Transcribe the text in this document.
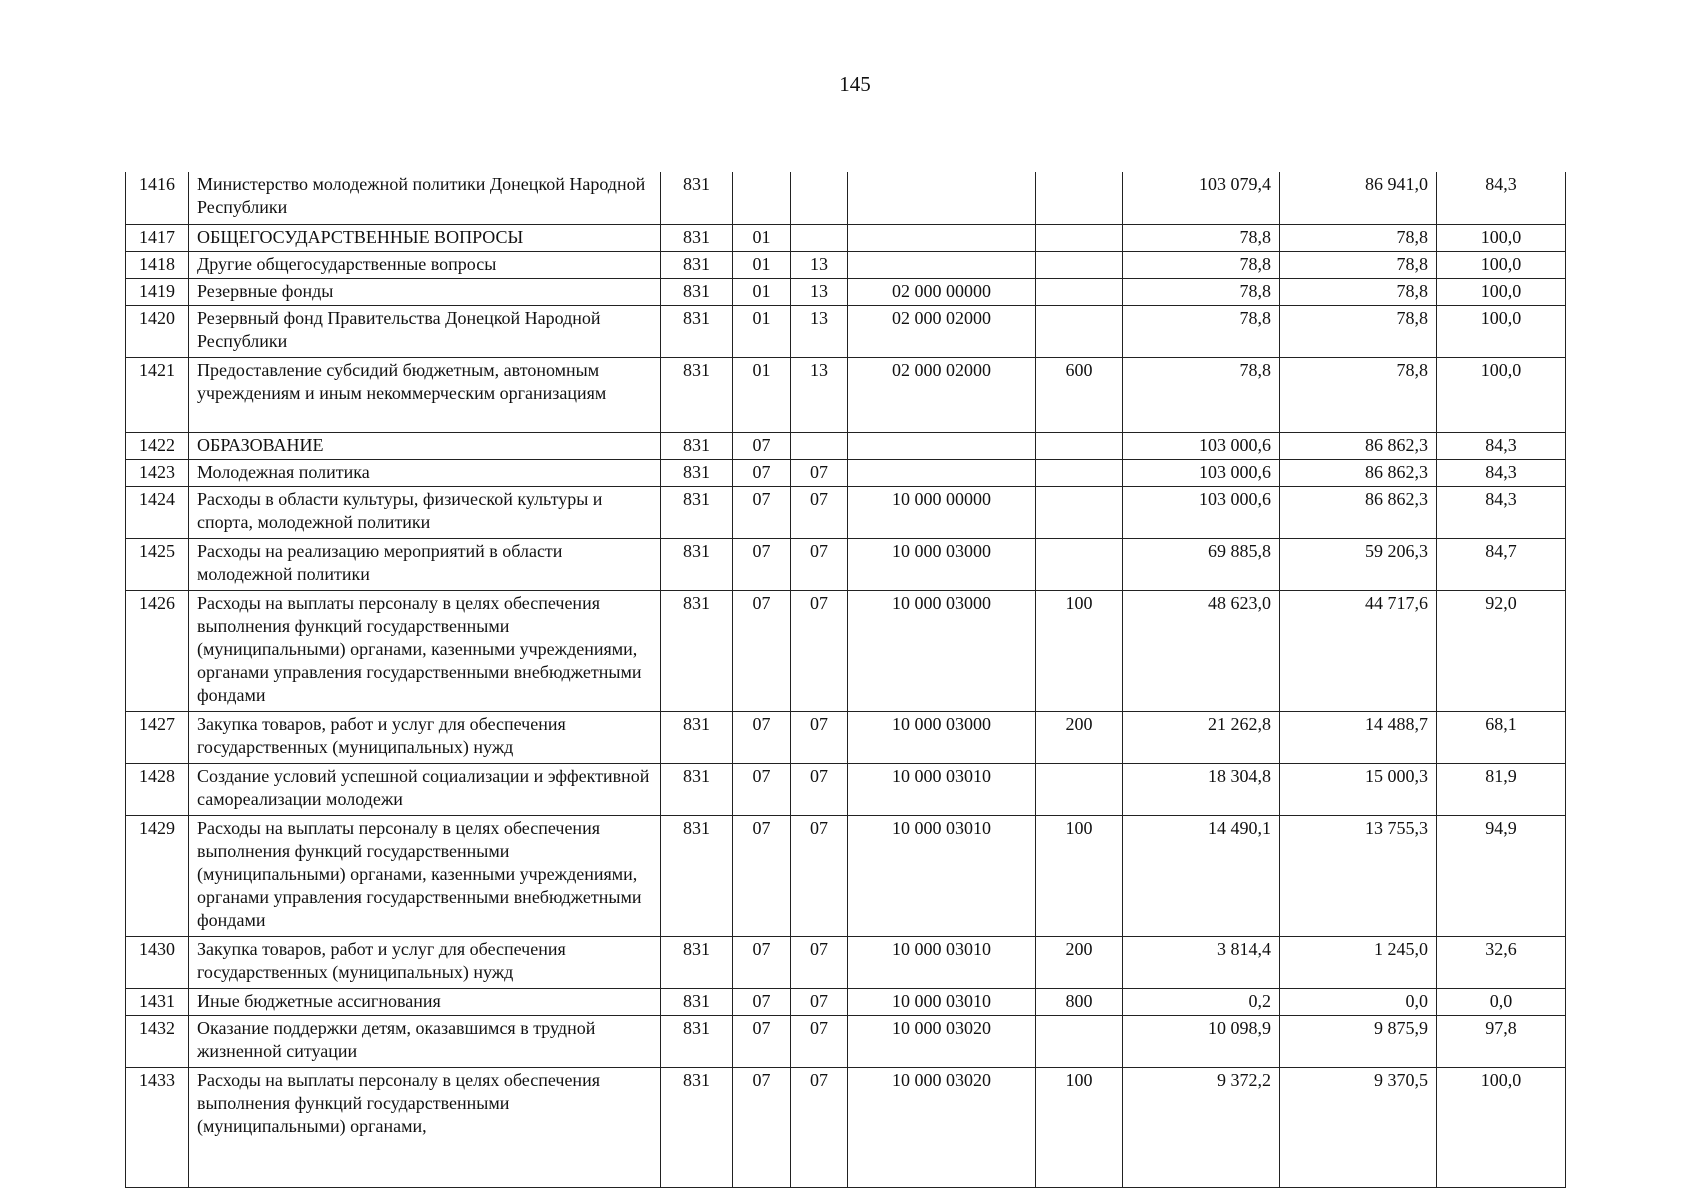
145
1416	Министерство молодежной политики Донецкой Народной Республики	831					103 079,4	86 941,0	84,3
1417	ОБЩЕГОСУДАРСТВЕННЫЕ ВОПРОСЫ	831	01				78,8	78,8	100,0
1418	Другие общегосударственные вопросы	831	01	13			78,8	78,8	100,0
1419	Резервные фонды	831	01	13	02 000 00000		78,8	78,8	100,0
1420	Резервный фонд Правительства Донецкой Народной Республики	831	01	13	02 000 02000		78,8	78,8	100,0
1421	Предоставление субсидий бюджетным, автономным учреждениям и иным некоммерческим организациям	831	01	13	02 000 02000	600	78,8	78,8	100,0
1422	ОБРАЗОВАНИЕ	831	07				103 000,6	86 862,3	84,3
1423	Молодежная политика	831	07	07			103 000,6	86 862,3	84,3
1424	Расходы в области культуры, физической культуры и спорта, молодежной политики	831	07	07	10 000 00000		103 000,6	86 862,3	84,3
1425	Расходы на реализацию мероприятий в области молодежной политики	831	07	07	10 000 03000		69 885,8	59 206,3	84,7
1426	Расходы на выплаты персоналу в целях обеспечения выполнения функций государственными (муниципальными) органами, казенными учреждениями, органами управления государственными внебюджетными фондами	831	07	07	10 000 03000	100	48 623,0	44 717,6	92,0
1427	Закупка товаров, работ и услуг для обеспечения государственных (муниципальных) нужд	831	07	07	10 000 03000	200	21 262,8	14 488,7	68,1
1428	Создание условий успешной социализации и эффективной самореализации молодежи	831	07	07	10 000 03010		18 304,8	15 000,3	81,9
1429	Расходы на выплаты персоналу в целях обеспечения выполнения функций государственными (муниципальными) органами, казенными учреждениями, органами управления государственными внебюджетными фондами	831	07	07	10 000 03010	100	14 490,1	13 755,3	94,9
1430	Закупка товаров, работ и услуг для обеспечения государственных (муниципальных) нужд	831	07	07	10 000 03010	200	3 814,4	1 245,0	32,6
1431	Иные бюджетные ассигнования	831	07	07	10 000 03010	800	0,2	0,0	0,0
1432	Оказание поддержки детям, оказавшимся в трудной жизненной ситуации	831	07	07	10 000 03020		10 098,9	9 875,9	97,8
1433	Расходы на выплаты персоналу в целях обеспечения выполнения функций государственными (муниципальными) органами,	831	07	07	10 000 03020	100	9 372,2	9 370,5	100,0
